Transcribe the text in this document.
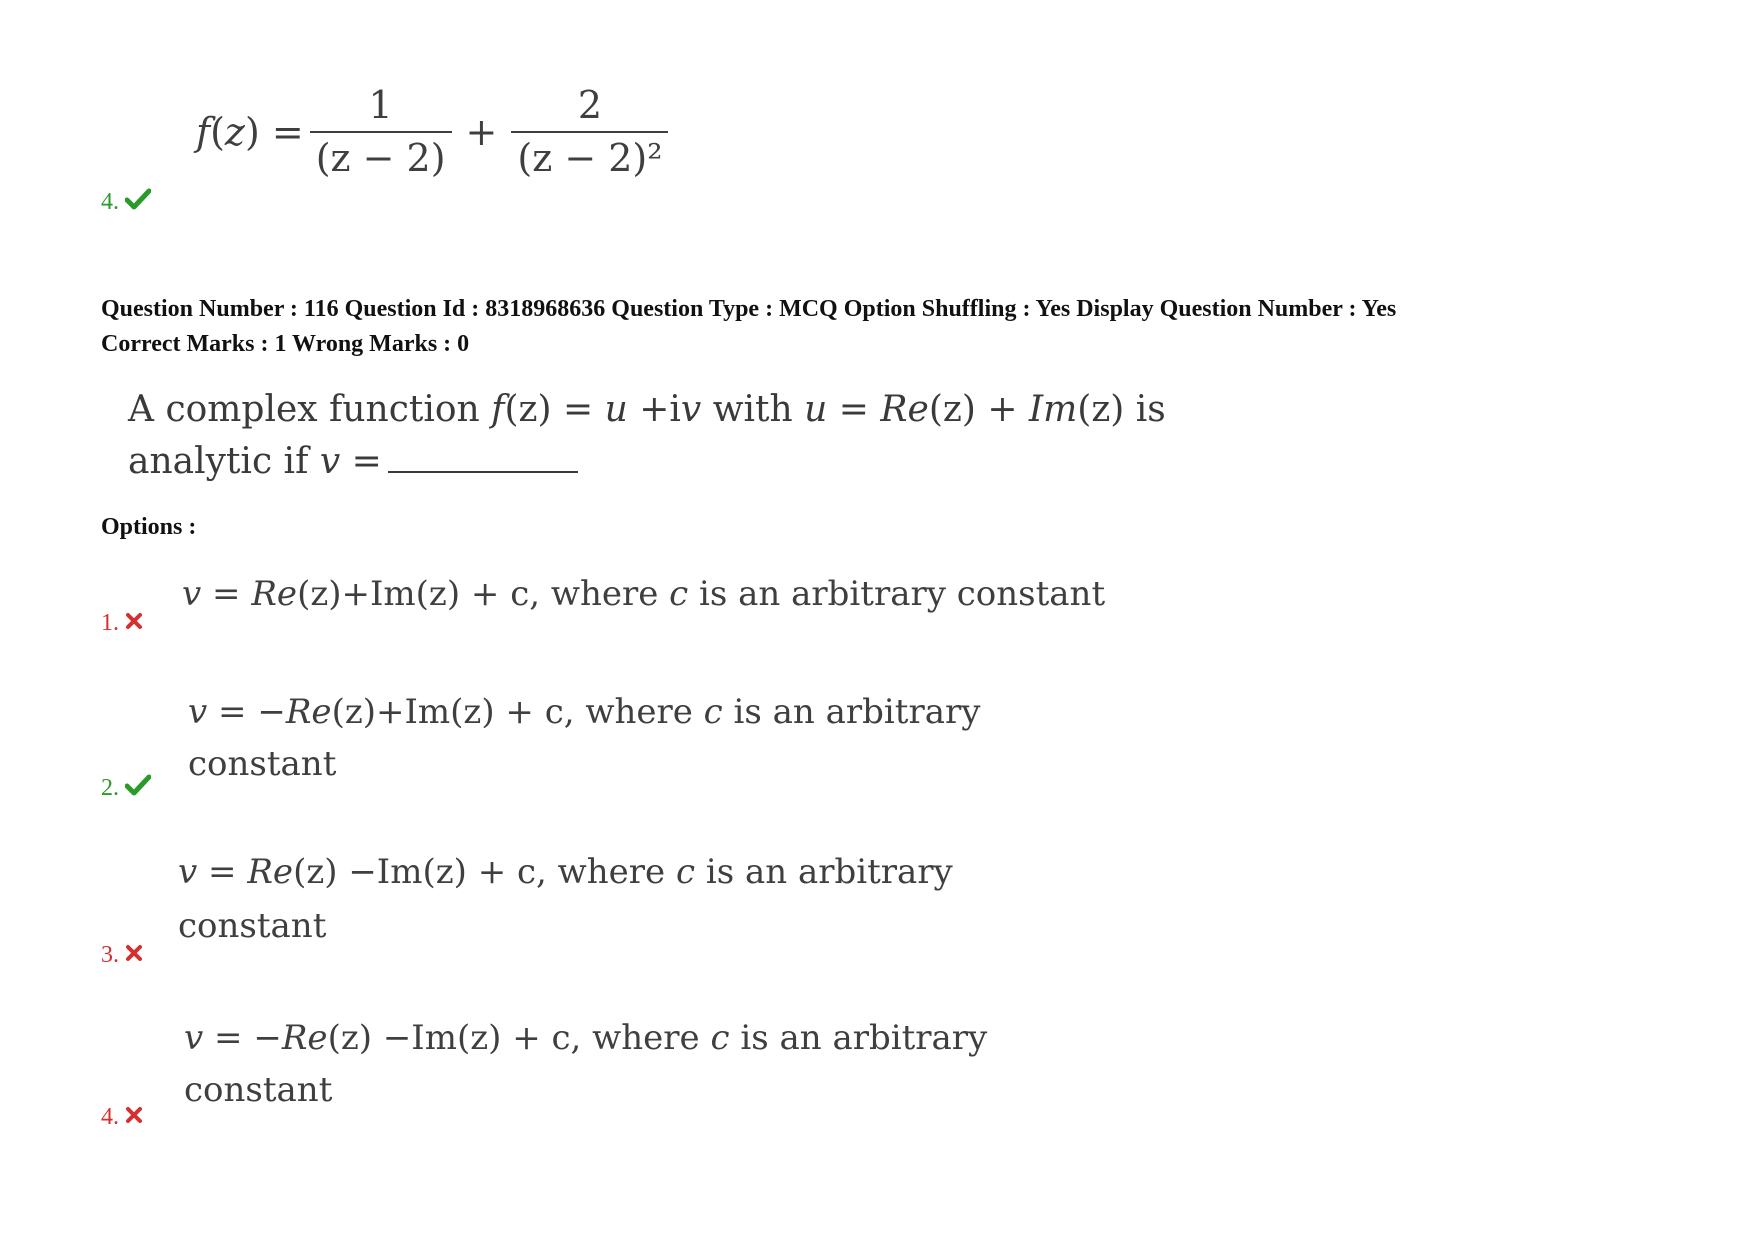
$f(z) = \frac{1}{(z - 2)} + \frac{2}{\text{(z − 2)²}}$
4.
Question Number : 116 Question Id : 8318968636 Question Type : MCQ Option Shuffling : Yes Display Question Number : Yes
Correct Marks : 1 Wrong Marks : 0
A complex function f(z) = u +iv with u = Re(z) + Im(z) is
analytic if v =
Options :
v = Re(z)+Im(z) + c, where c is an arbitrary constant
1.
v = −Re(z)+Im(z) + c, where c is an arbitrary
constant
2.
v = Re(z) −Im(z) + c, where c is an arbitrary
constant
3.
v = −Re(z) −Im(z) + c, where c is an arbitrary
constant
4.
